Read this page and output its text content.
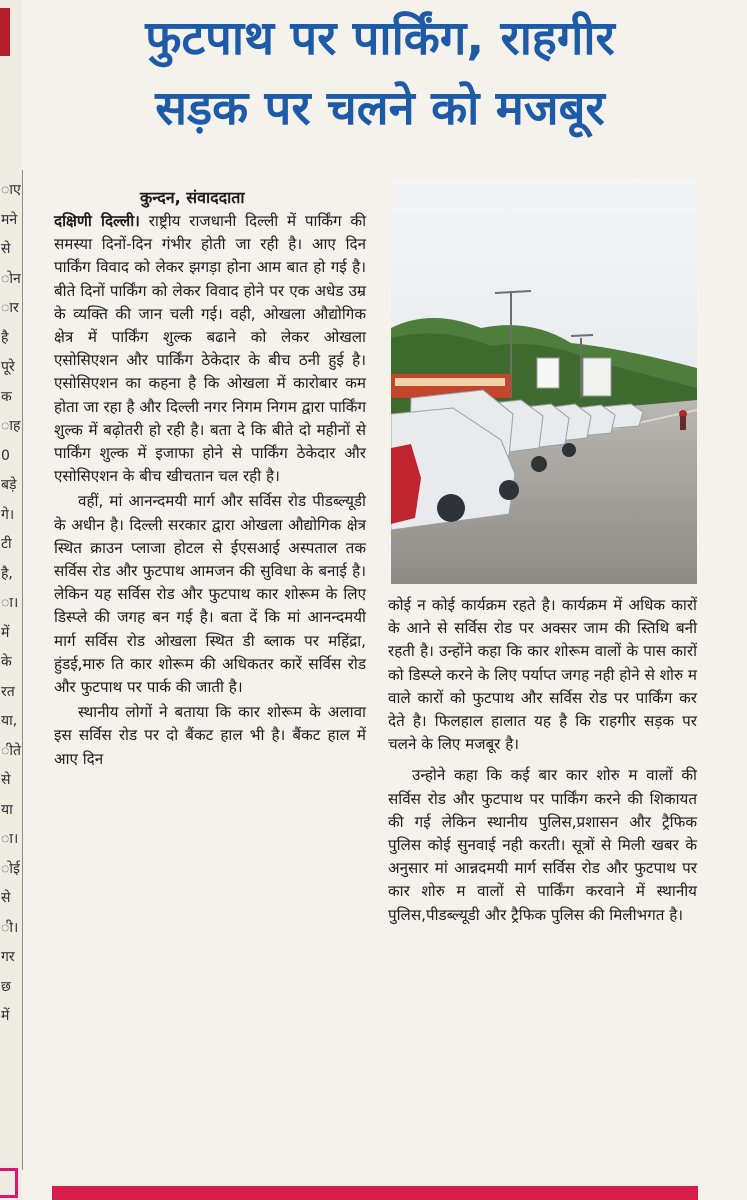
ाए
मने
से
ोन
ार
है
पूरे
क
ाह
0
बड़े
गे।
टी
है,
ा।
में
के
रत
या,
ीते
से
या
ा।
ोई
से
ी।
गर
छ
में
फुटपाथ पर पार्किंग, राहगीर
सड़क पर चलने को मजबूर
कुन्दन, संवाददाता

दक्षिणी दिल्ली। राष्ट्रीय राजधानी दिल्ली में पार्किंग की समस्या दिनों-दिन गंभीर होती जा रही है। आए दिन पार्किंग विवाद को लेकर झगड़ा होना आम बात हो गई है। बीते दिनों पार्किंग को लेकर विवाद होने पर एक अधेड उम्र के व्यक्ति की जान चली गई। वही, ओखला औद्योगिक क्षेत्र में पार्किंग शुल्क बढाने को लेकर ओखला एसोसिएशन और पार्किंग ठेकेदार के बीच ठनी हुई है। एसोसिएशन का कहना है कि ओखला में कारोबार कम होता जा रहा है और दिल्ली नगर निगम निगम द्वारा पार्किंग शुल्क में बढ़ोतरी हो रही है। बता दे कि बीते दो महीनों से पार्किंग शुल्क में इजाफा होने से पार्किंग ठेकेदार और एसोसिएशन के बीच खीचतान चल रही है।

वहीं, मां आनन्दमयी मार्ग और सर्विस रोड पीडब्ल्यूडी के अधीन है। दिल्ली सरकार द्वारा ओखला औद्योगिक क्षेत्र स्थित क्राउन प्लाजा होटल से ईएसआई अस्पताल तक सर्विस रोड और फुटपाथ आमजन की सुविधा के बनाई है। लेकिन यह सर्विस रोड और फुटपाथ कार शोरूम के लिए डिस्प्ले की जगह बन गई है। बता दें कि मां आनन्दमयी मार्ग सर्विस रोड ओखला स्थित डी ब्लाक पर महिंद्रा, हुंडई,मारु ति कार शोरूम की अधिकतर कारें सर्विस रोड और फुटपाथ पर पार्क की जाती है।

स्थानीय लोगों ने बताया कि कार शोरूम के अलावा इस सर्विस रोड पर दो बैंकट हाल भी है। बैंकट हाल में आए दिन

कोई न कोई कार्यक्रम रहते है। कार्यक्रम में अधिक कारों के आने से सर्विस रोड पर अक्सर जाम की स्तिथि बनी रहती है। उन्होंने कहा कि कार शोरूम वालों के पास कारों को डिस्प्ले करने के लिए पर्याप्त जगह नही होने से शोरु म वाले कारों को फुटपाथ और सर्विस रोड पर पार्किंग कर देते है। फिलहाल हालात यह है कि राहगीर सड़क पर चलने के लिए मजबूर है।

उन्होने कहा कि कई बार कार शोरु म वालों की सर्विस रोड और फुटपाथ पर पार्किंग करने की शिकायत की गई लेकिन स्थानीय पुलिस,प्रशासन और ट्रैफिक पुलिस कोई सुनवाई नही करती। सूत्रों से मिली खबर के अनुसार मां आन्नदमयी मार्ग सर्विस रोड और फुटपाथ पर कार शोरु म वालों से पार्किंग करवाने में स्थानीय पुलिस,पीडब्ल्यूडी और ट्रैफिक पुलिस की मिलीभगत है।
